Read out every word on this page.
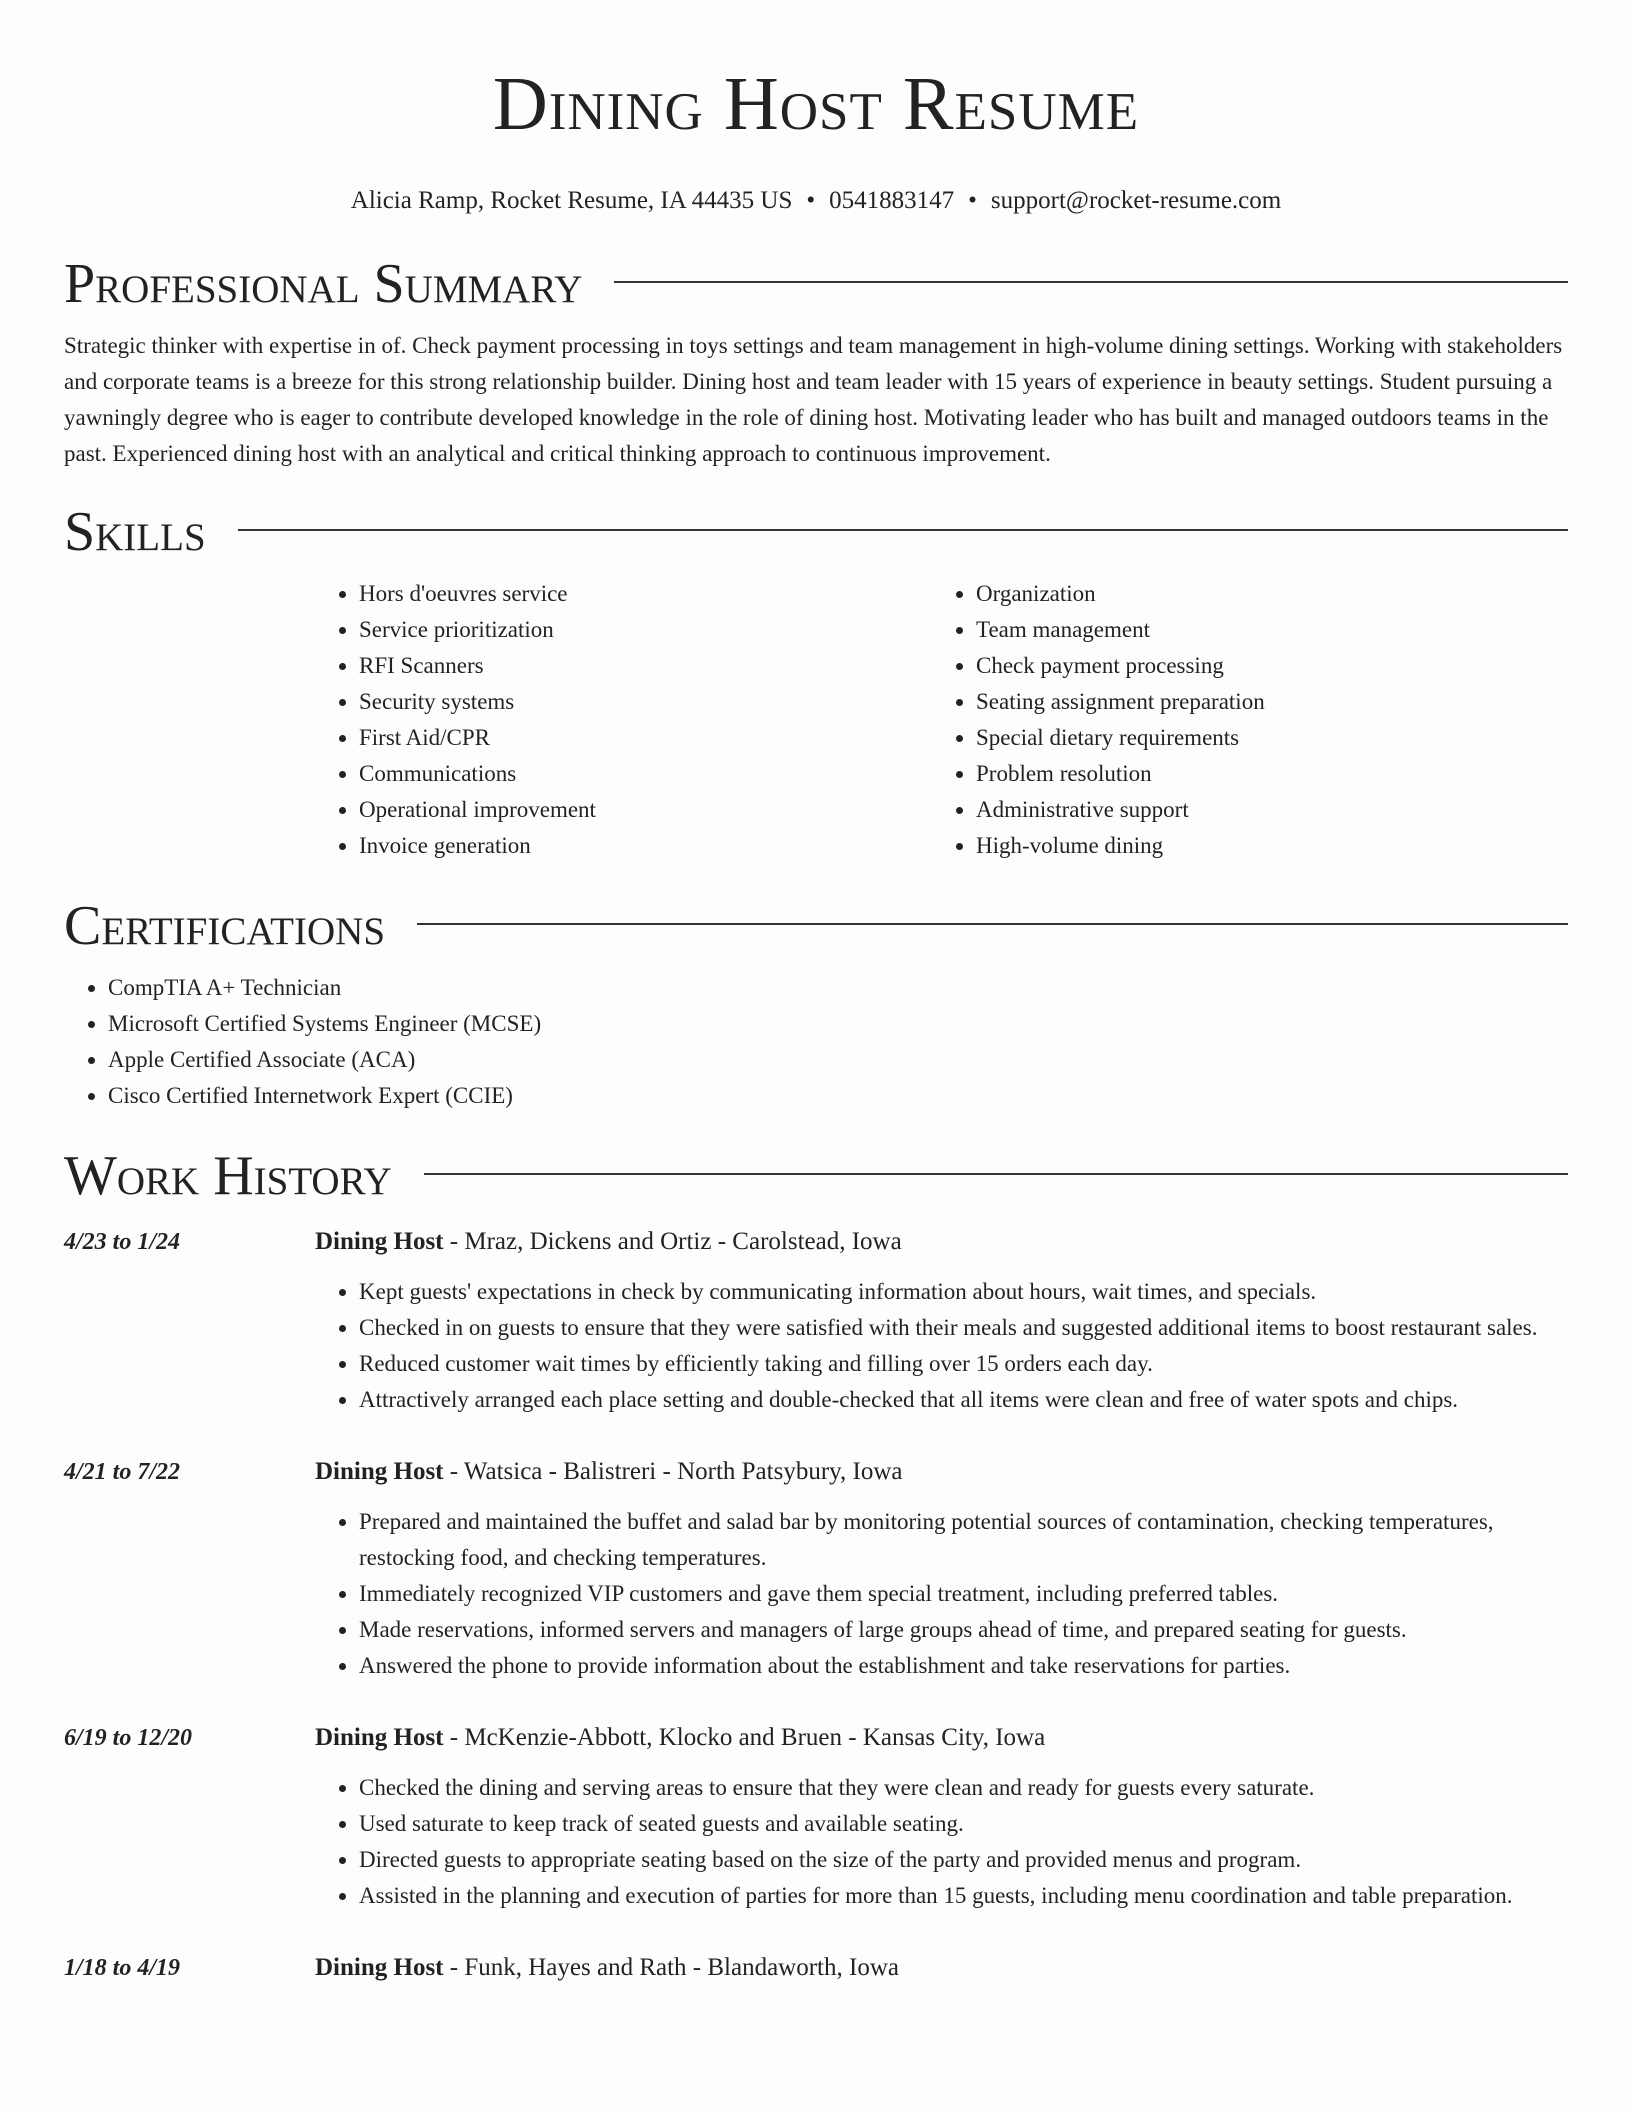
Dining Host Resume
Alicia Ramp, Rocket Resume, IA 44435 US • 0541883147 • support@rocket-resume.com
Professional Summary

Strategic thinker with expertise in of. Check payment processing in toys settings and team management in high-volume dining settings. Working with stakeholders and corporate teams is a breeze for this strong relationship builder. Dining host and team leader with 15 years of experience in beauty settings. Student pursuing a yawningly degree who is eager to contribute developed knowledge in the role of dining host. Motivating leader who has built and managed outdoors teams in the past. Experienced dining host with an analytical and critical thinking approach to continuous improvement.

Skills
• Hors d'oeuvres service
• Service prioritization
• RFI Scanners
• Security systems
• First Aid/CPR
• Communications
• Operational improvement
• Invoice generation
• Organization
• Team management
• Check payment processing
• Seating assignment preparation
• Special dietary requirements
• Problem resolution
• Administrative support
• High-volume dining
Certifications
• CompTIA A+ Technician
• Microsoft Certified Systems Engineer (MCSE)
• Apple Certified Associate (ACA)
• Cisco Certified Internetwork Expert (CCIE)
Work History
4/23 to 1/24	Dining Host - Mraz, Dickens and Ortiz - Carolstead, Iowa
• Kept guests' expectations in check by communicating information about hours, wait times, and specials.
• Checked in on guests to ensure that they were satisfied with their meals and suggested additional items to boost restaurant sales.
• Reduced customer wait times by efficiently taking and filling over 15 orders each day.
• Attractively arranged each place setting and double-checked that all items were clean and free of water spots and chips.
4/21 to 7/22	Dining Host - Watsica - Balistreri - North Patsybury, Iowa
• Prepared and maintained the buffet and salad bar by monitoring potential sources of contamination, checking temperatures, restocking food, and checking temperatures.
• Immediately recognized VIP customers and gave them special treatment, including preferred tables.
• Made reservations, informed servers and managers of large groups ahead of time, and prepared seating for guests.
• Answered the phone to provide information about the establishment and take reservations for parties.
6/19 to 12/20	Dining Host - McKenzie-Abbott, Klocko and Bruen - Kansas City, Iowa
• Checked the dining and serving areas to ensure that they were clean and ready for guests every saturate.
• Used saturate to keep track of seated guests and available seating.
• Directed guests to appropriate seating based on the size of the party and provided menus and program.
• Assisted in the planning and execution of parties for more than 15 guests, including menu coordination and table preparation.
1/18 to 4/19	Dining Host - Funk, Hayes and Rath - Blandaworth, Iowa
